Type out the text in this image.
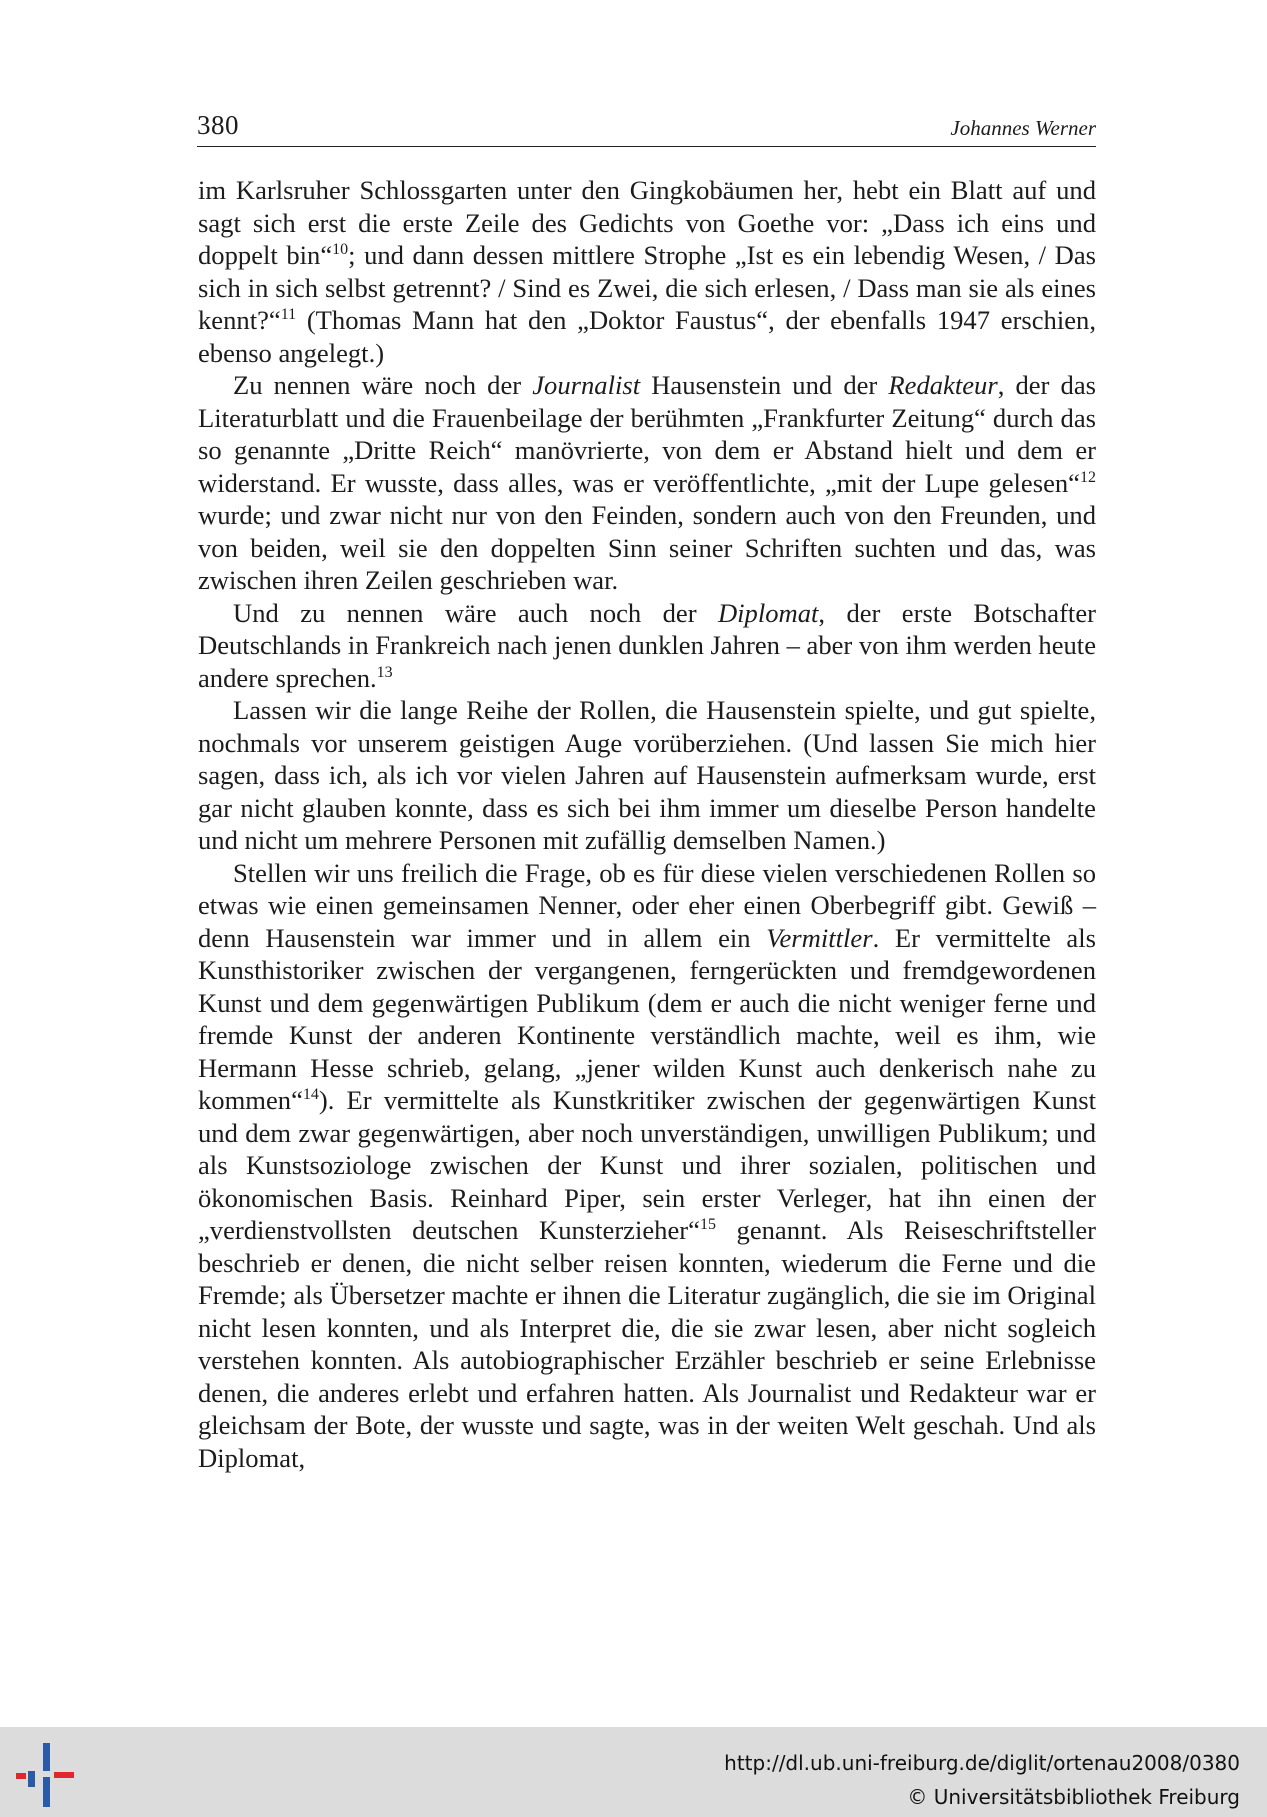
380	Johannes Werner

im Karlsruher Schlossgarten unter den Gingkobäumen her, hebt ein Blatt auf und sagt sich erst die erste Zeile des Gedichts von Goethe vor: „Dass ich eins und doppelt bin“$^{10}$; und dann dessen mittlere Strophe „Ist es ein lebendig Wesen, / Das sich in sich selbst getrennt? / Sind es Zwei, die sich erlesen, / Dass man sie als eines kennt?“$^{11}$ (Thomas Mann hat den „Doktor Faustus“, der ebenfalls 1947 erschien, ebenso angelegt.)

Zu nennen wäre noch der Journalist Hausenstein und der Redakteur, der das Literaturblatt und die Frauenbeilage der berühmten „Frankfurter Zeitung“ durch das so genannte „Dritte Reich“ manövrierte, von dem er Abstand hielt und dem er widerstand. Er wusste, dass alles, was er veröffentlichte, „mit der Lupe gelesen“$^{12}$ wurde; und zwar nicht nur von den Feinden, sondern auch von den Freunden, und von beiden, weil sie den doppelten Sinn seiner Schriften suchten und das, was zwischen ihren Zeilen geschrieben war.

Und zu nennen wäre auch noch der Diplomat, der erste Botschafter Deutschlands in Frankreich nach jenen dunklen Jahren – aber von ihm werden heute andere sprechen.$^{13}$

Lassen wir die lange Reihe der Rollen, die Hausenstein spielte, und gut spielte, nochmals vor unserem geistigen Auge vorüberziehen. (Und lassen Sie mich hier sagen, dass ich, als ich vor vielen Jahren auf Hausenstein aufmerksam wurde, erst gar nicht glauben konnte, dass es sich bei ihm immer um dieselbe Person handelte und nicht um mehrere Personen mit zufällig demselben Namen.)

Stellen wir uns freilich die Frage, ob es für diese vielen verschiedenen Rollen so etwas wie einen gemeinsamen Nenner, oder eher einen Oberbegriff gibt. Gewiß – denn Hausenstein war immer und in allem ein Vermittler. Er vermittelte als Kunsthistoriker zwischen der vergangenen, ferngerückten und fremdgewordenen Kunst und dem gegenwärtigen Publikum (dem er auch die nicht weniger ferne und fremde Kunst der anderen Kontinente verständlich machte, weil es ihm, wie Hermann Hesse schrieb, gelang, „jener wilden Kunst auch denkerisch nahe zu kommen“$^{14}$). Er vermittelte als Kunstkritiker zwischen der gegenwärtigen Kunst und dem zwar gegenwärtigen, aber noch unverständigen, unwilligen Publikum; und als Kunstsoziologe zwischen der Kunst und ihrer sozialen, politischen und ökonomischen Basis. Reinhard Piper, sein erster Verleger, hat ihn einen der „verdienstvollsten deutschen Kunsterzieher“$^{15}$ genannt. Als Reiseschriftsteller beschrieb er denen, die nicht selber reisen konnten, wiederum die Ferne und die Fremde; als Übersetzer machte er ihnen die Literatur zugänglich, die sie im Original nicht lesen konnten, und als Interpret die, die sie zwar lesen, aber nicht sogleich verstehen konnten. Als autobiographischer Erzähler beschrieb er seine Erlebnisse denen, die anderes erlebt und erfahren hatten. Als Journalist und Redakteur war er gleichsam der Bote, der wusste und sagte, was in der weiten Welt geschah. Und als Diplomat,

http://dl.ub.uni-freiburg.de/diglit/ortenau2008/0380
© Universitätsbibliothek Freiburg
